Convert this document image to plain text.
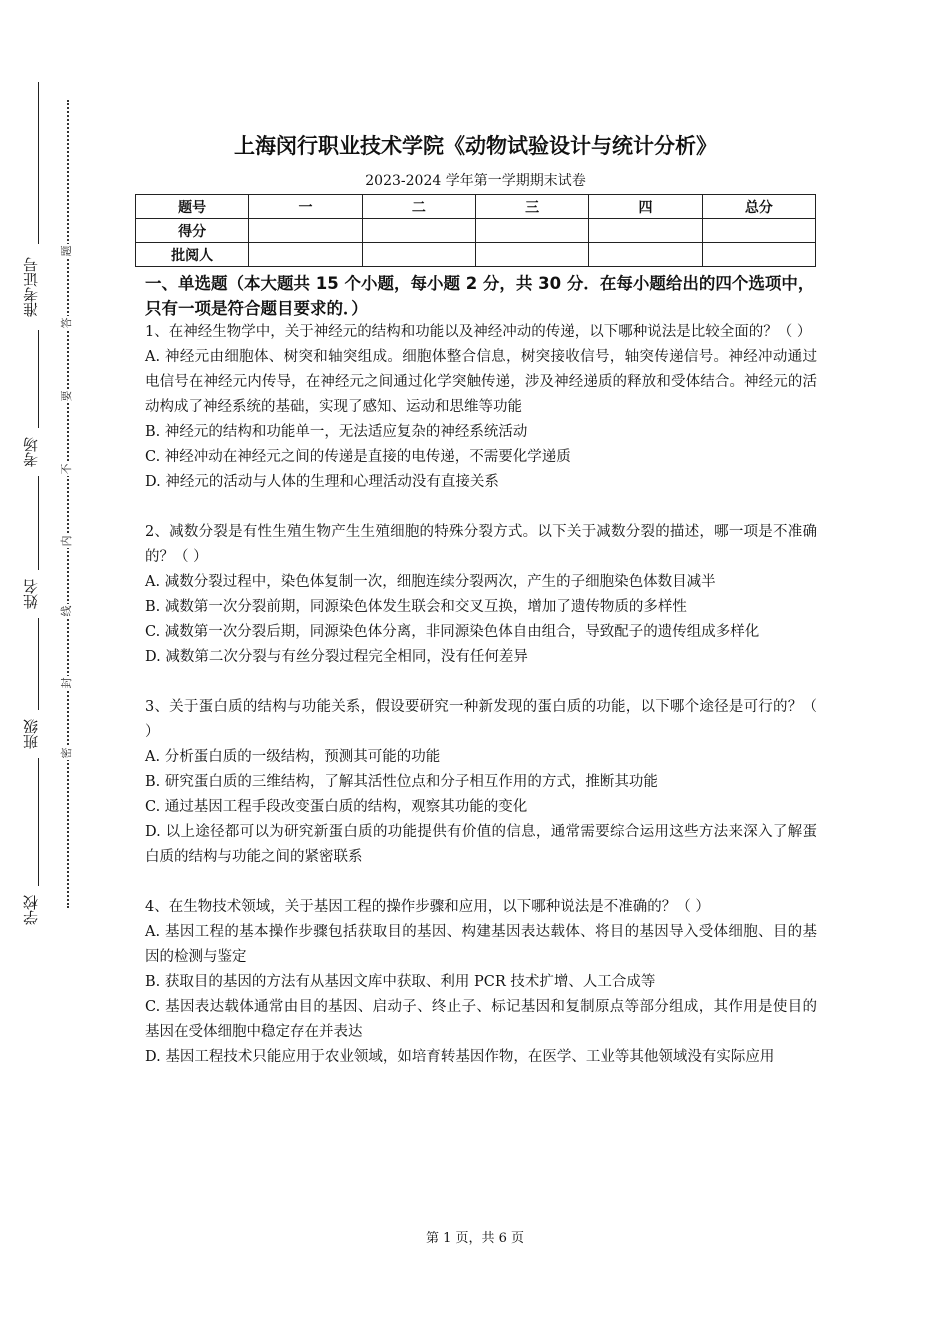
准考证号
考场
姓名
班级
学校
题
答
要
不
内
线
封
密
上海闵行职业技术学院《动物试验设计与统计分析》
2023-2024 学年第一学期期末试卷
题号	一	二	三	四	总分
得分					
批阅人					
一、单选题（本大题共 15 个小题，每小题 2 分，共 30 分．在每小题给出的四个选项中，只有一项是符合题目要求的．）

1、在神经生物学中，关于神经元的结构和功能以及神经冲动的传递，以下哪种说法是比较全面的？（ ）

A. 神经元由细胞体、树突和轴突组成。细胞体整合信息，树突接收信号，轴突传递信号。神经冲动通过电信号在神经元内传导，在神经元之间通过化学突触传递，涉及神经递质的释放和受体结合。神经元的活动构成了神经系统的基础，实现了感知、运动和思维等功能

B. 神经元的结构和功能单一，无法适应复杂的神经系统活动

C. 神经冲动在神经元之间的传递是直接的电传递，不需要化学递质

D. 神经元的活动与人体的生理和心理活动没有直接关系

2、减数分裂是有性生殖生物产生生殖细胞的特殊分裂方式。以下关于减数分裂的描述，哪一项是不准确的？（ ）

A. 减数分裂过程中，染色体复制一次，细胞连续分裂两次，产生的子细胞染色体数目减半

B. 减数第一次分裂前期，同源染色体发生联会和交叉互换，增加了遗传物质的多样性

C. 减数第一次分裂后期，同源染色体分离，非同源染色体自由组合，导致配子的遗传组成多样化

D. 减数第二次分裂与有丝分裂过程完全相同，没有任何差异

3、关于蛋白质的结构与功能关系，假设要研究一种新发现的蛋白质的功能，以下哪个途径是可行的？（ ）

A. 分析蛋白质的一级结构，预测其可能的功能

B. 研究蛋白质的三维结构，了解其活性位点和分子相互作用的方式，推断其功能

C. 通过基因工程手段改变蛋白质的结构，观察其功能的变化

D. 以上途径都可以为研究新蛋白质的功能提供有价值的信息，通常需要综合运用这些方法来深入了解蛋白质的结构与功能之间的紧密联系

4、在生物技术领域，关于基因工程的操作步骤和应用，以下哪种说法是不准确的？（ ）

A. 基因工程的基本操作步骤包括获取目的基因、构建基因表达载体、将目的基因导入受体细胞、目的基因的检测与鉴定

B. 获取目的基因的方法有从基因文库中获取、利用 PCR 技术扩增、人工合成等

C. 基因表达载体通常由目的基因、启动子、终止子、标记基因和复制原点等部分组成，其作用是使目的基因在受体细胞中稳定存在并表达

D. 基因工程技术只能应用于农业领域，如培育转基因作物，在医学、工业等其他领域没有实际应用

第 1 页，共 6 页
